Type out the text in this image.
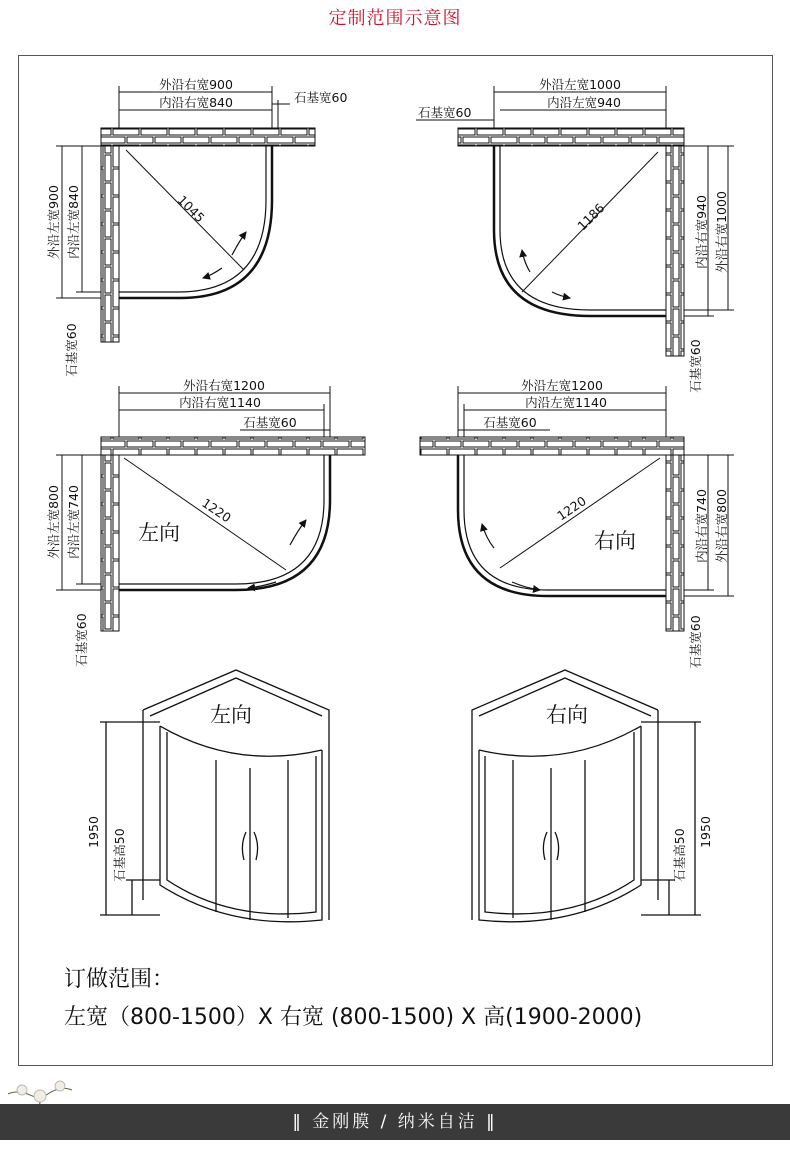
定制范围示意图
外沿右宽900
内沿右宽840	石基宽60
外沿左宽900 内沿左宽840
石基宽60
1045
外沿左宽1000
内沿左宽940
石基宽60
内沿右宽940 外沿右宽1000
石基宽60
1186
外沿右宽1200
内沿右宽1140
石基宽60
外沿左宽800 内沿左宽740
石基宽60
1220
左向
外沿左宽1200
内沿左宽1140
石基宽60
内沿右宽740 外沿右宽800
石基宽60
1220
右向
左向
1950 石基高50
右向
1950
石基高50
订做范围：
左宽（800-1500）X 右宽 (800-1500) X 高(1900-2000)
‖ 金刚膜 / 纳米自洁 ‖
